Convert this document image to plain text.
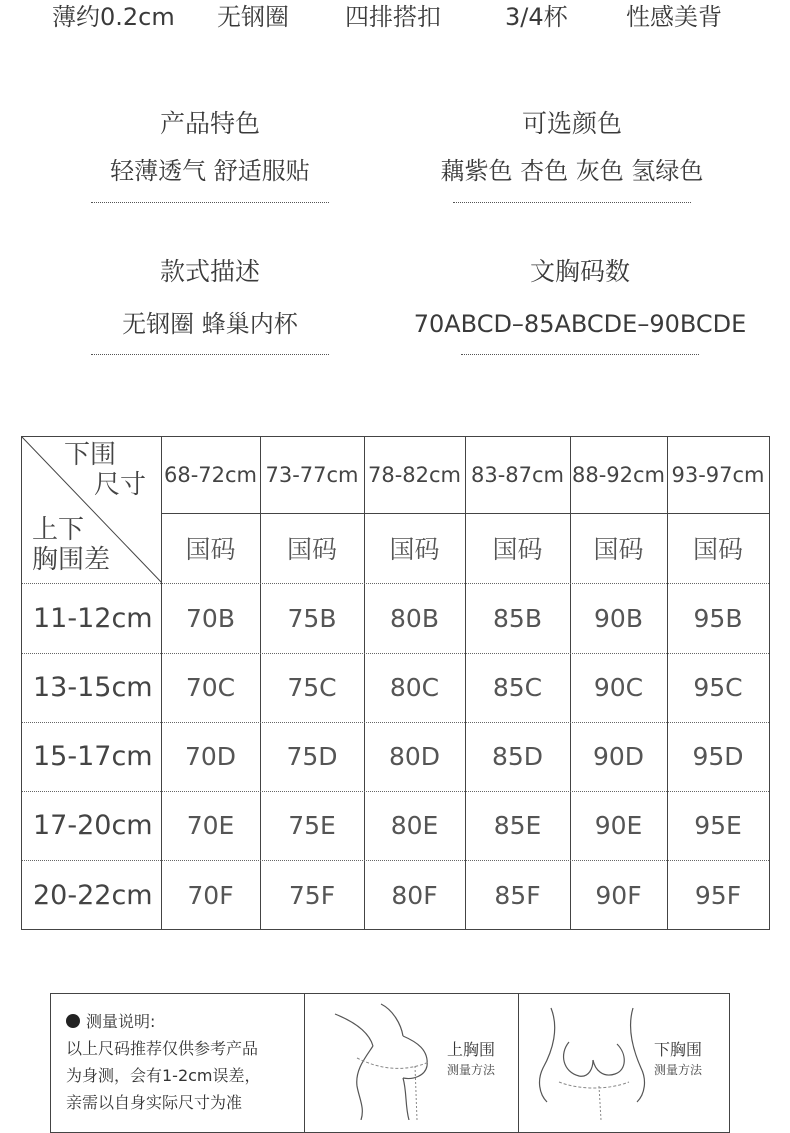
薄约0.2cm 无钢圈 四排搭扣	3/4杯 性感美背
产品特色
轻薄透气 舒适服贴
可选颜色
藕紫色 杏色 灰色 氢绿色
款式描述
无钢圈 蜂巢内杯
文胸码数
70ABCD–85ABCDE–90BCDE
下围
尺寸
上下
胸围差
68-72cm 73-77cm 78-82cm 83-87cm 88-92cm 93-97cm
国码	国码	国码	国码	国码	国码
11-12cm	70B	75B	80B	85B	90B	95B
13-15cm	70C	75C	80C	85C	90C	95C
15-17cm	70D	75D	80D	85D	90D	95D
17-20cm	70E	75E	80E	85E	90E	95E
20-22cm	70F	75F	80F	85F	90F	95F
测量说明:
以上尺码推荐仅供参考产品
为身测，会有1-2cm误差，
亲需以自身实际尺寸为准
上胸围
测量方法
下胸围
测量方法
